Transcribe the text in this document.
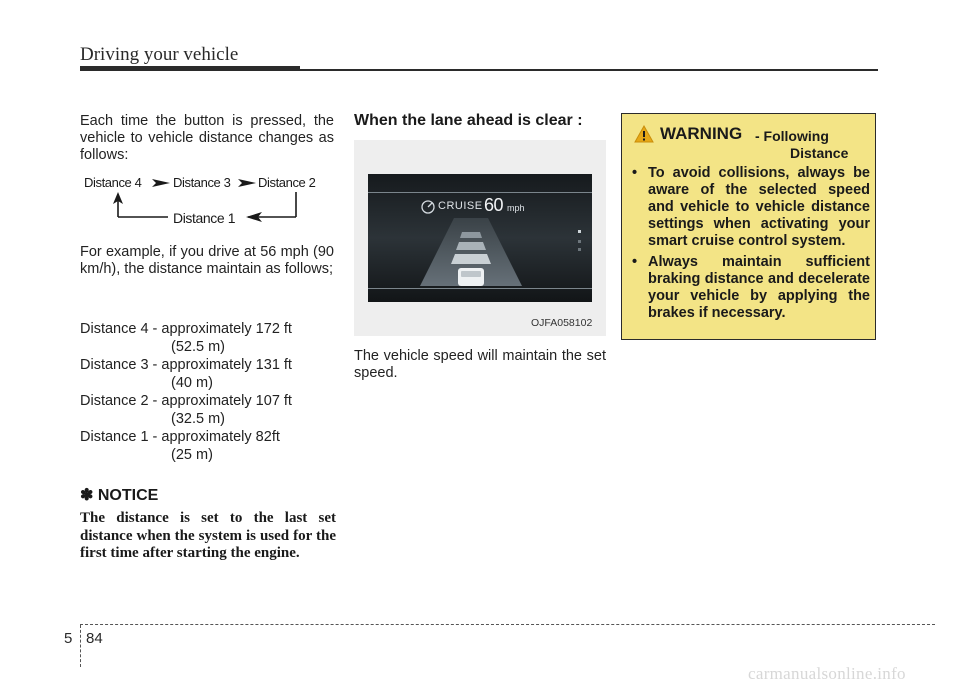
Driving your vehicle
Each time the button is pressed, the vehicle to vehicle distance changes as follows:
Distance 4 Distance 3 Distance 2
Distance 1
For example, if you drive at 56 mph (90 km/h), the distance maintain as follows;
Distance 4 - approximately 172 ft
(52.5 m)
Distance 3 - approximately 131 ft
(40 m)
Distance 2 - approximately 107 ft
(32.5 m)
Distance 1 - approximately 82ft
(25 m)
✽ NOTICE
The distance is set to the last set distance when the system is used for the first time after starting the engine.
When the lane ahead is clear :
CRUISE 60 mph
OJFA058102
The vehicle speed will maintain the set speed.
WARNING - Following
Distance
• To avoid collisions, always be aware of the selected speed and vehicle to vehicle distance settings when activating your smart cruise control system.
• Always maintain sufficient braking distance and decelerate your vehicle by applying the brakes if necessary.
5 84
carmanualsonline.info
